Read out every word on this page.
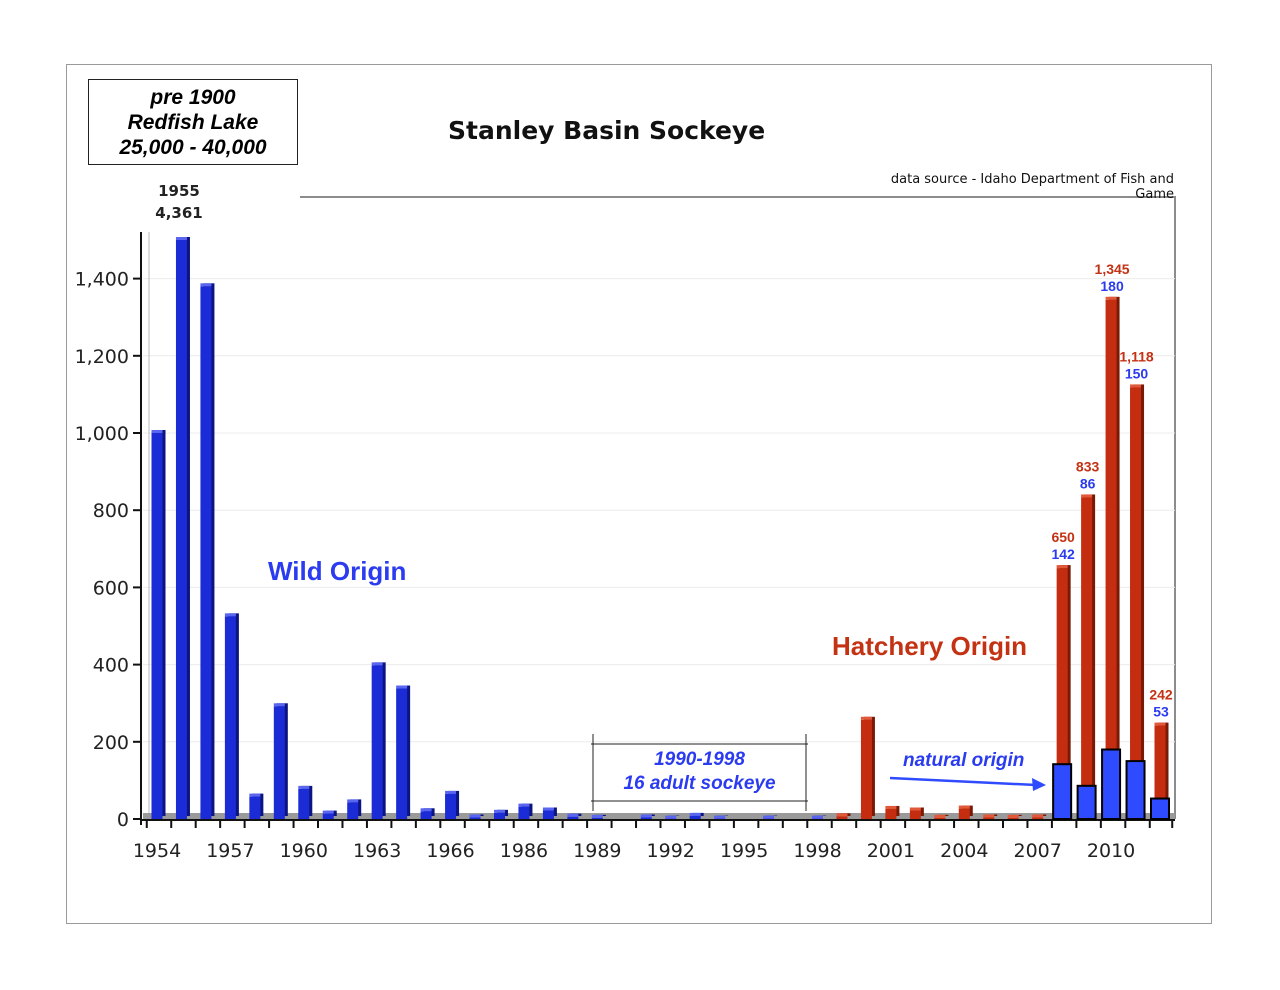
0
200
400
600
800
1,000
1,200
1,400
1954 1957 1960 1963 1966 1986 1989 1992 1995 1998 2001 2004 2007 2010
650
142
833
86
1,345
180
1,118
150
242
53
pre 1900
Redfish Lake
25,000 - 40,000
Stanley Basin Sockeye
data source - Idaho Department of Fish and Game
1955
4,361
Wild Origin
Hatchery Origin
1990-1998
16 adult sockeye
natural origin
